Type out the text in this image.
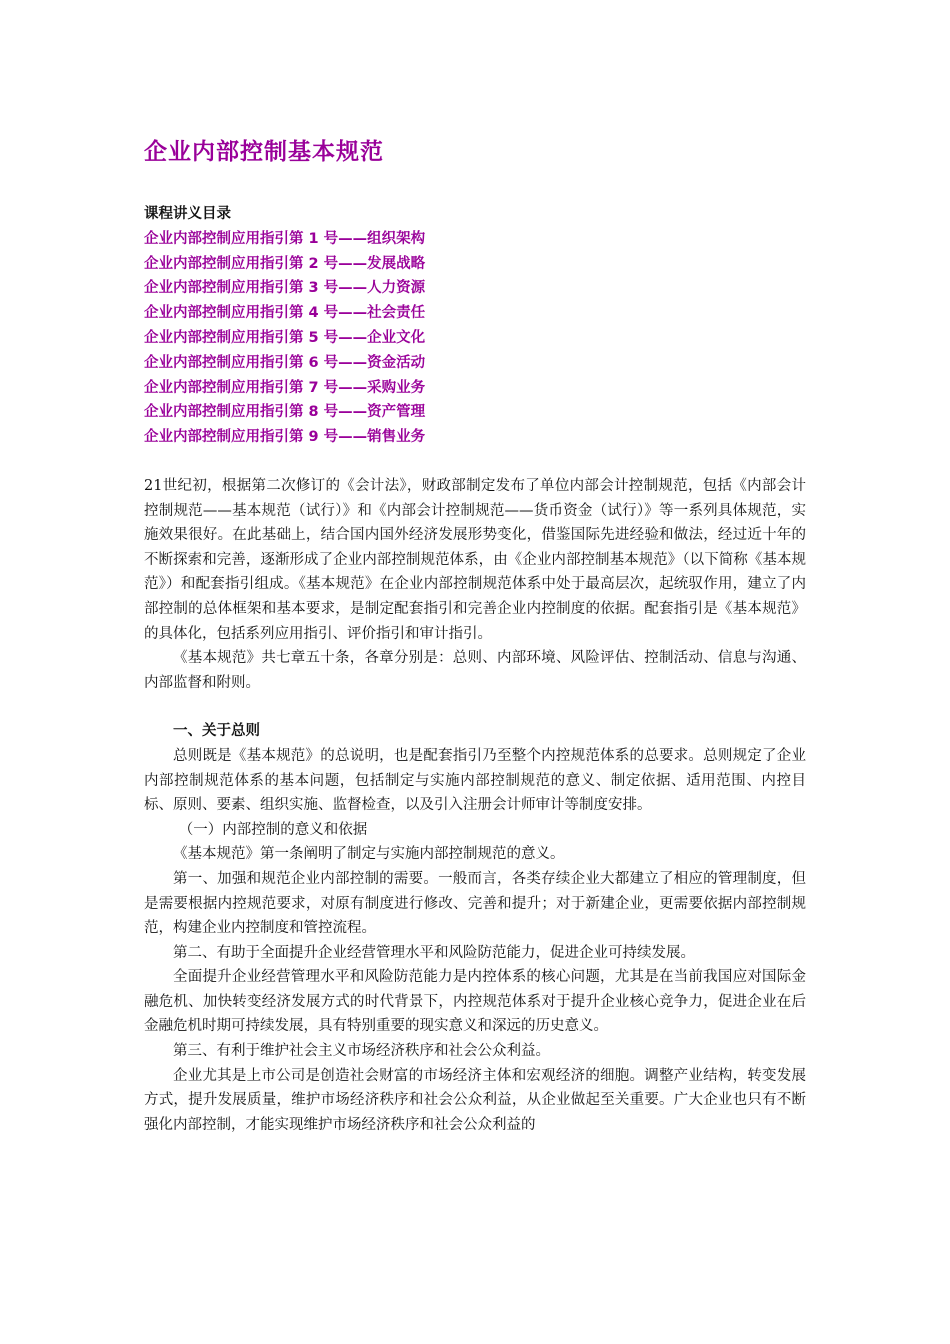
企业内部控制基本规范
课程讲义目录
企业内部控制应用指引第 1 号——组织架构
企业内部控制应用指引第 2 号——发展战略
企业内部控制应用指引第 3 号——人力资源
企业内部控制应用指引第 4 号——社会责任
企业内部控制应用指引第 5 号——企业文化
企业内部控制应用指引第 6 号——资金活动
企业内部控制应用指引第 7 号——采购业务
企业内部控制应用指引第 8 号——资产管理
企业内部控制应用指引第 9 号——销售业务

21世纪初，根据第二次修订的《会计法》，财政部制定发布了单位内部会计控制规范，包括《内部会计控制规范——基本规范（试行）》和《内部会计控制规范——货币资金（试行）》等一系列具体规范，实施效果很好。在此基础上，结合国内国外经济发展形势变化，借鉴国际先进经验和做法，经过近十年的不断探索和完善，逐渐形成了企业内部控制规范体系，由《企业内部控制基本规范》（以下简称《基本规范》）和配套指引组成。《基本规范》在企业内部控制规范体系中处于最高层次，起统驭作用，建立了内部控制的总体框架和基本要求，是制定配套指引和完善企业内控制度的依据。配套指引是《基本规范》的具体化，包括系列应用指引、评价指引和审计指引。

《基本规范》共七章五十条，各章分别是：总则、内部环境、风险评估、控制活动、信息与沟通、内部监督和附则。

一、关于总则

总则既是《基本规范》的总说明，也是配套指引乃至整个内控规范体系的总要求。总则规定了企业内部控制规范体系的基本问题，包括制定与实施内部控制规范的意义、制定依据、适用范围、内控目标、原则、要素、组织实施、监督检查，以及引入注册会计师审计等制度安排。

（一）内部控制的意义和依据

《基本规范》第一条阐明了制定与实施内部控制规范的意义。

第一、加强和规范企业内部控制的需要。一般而言，各类存续企业大都建立了相应的管理制度，但是需要根据内控规范要求，对原有制度进行修改、完善和提升；对于新建企业，更需要依据内部控制规范，构建企业内控制度和管控流程。

第二、有助于全面提升企业经营管理水平和风险防范能力，促进企业可持续发展。

全面提升企业经营管理水平和风险防范能力是内控体系的核心问题，尤其是在当前我国应对国际金融危机、加快转变经济发展方式的时代背景下，内控规范体系对于提升企业核心竞争力，促进企业在后金融危机时期可持续发展，具有特别重要的现实意义和深远的历史意义。

第三、有利于维护社会主义市场经济秩序和社会公众利益。

企业尤其是上市公司是创造社会财富的市场经济主体和宏观经济的细胞。调整产业结构，转变发展方式，提升发展质量，维护市场经济秩序和社会公众利益，从企业做起至关重要。广大企业也只有不断强化内部控制，才能实现维护市场经济秩序和社会公众利益的
